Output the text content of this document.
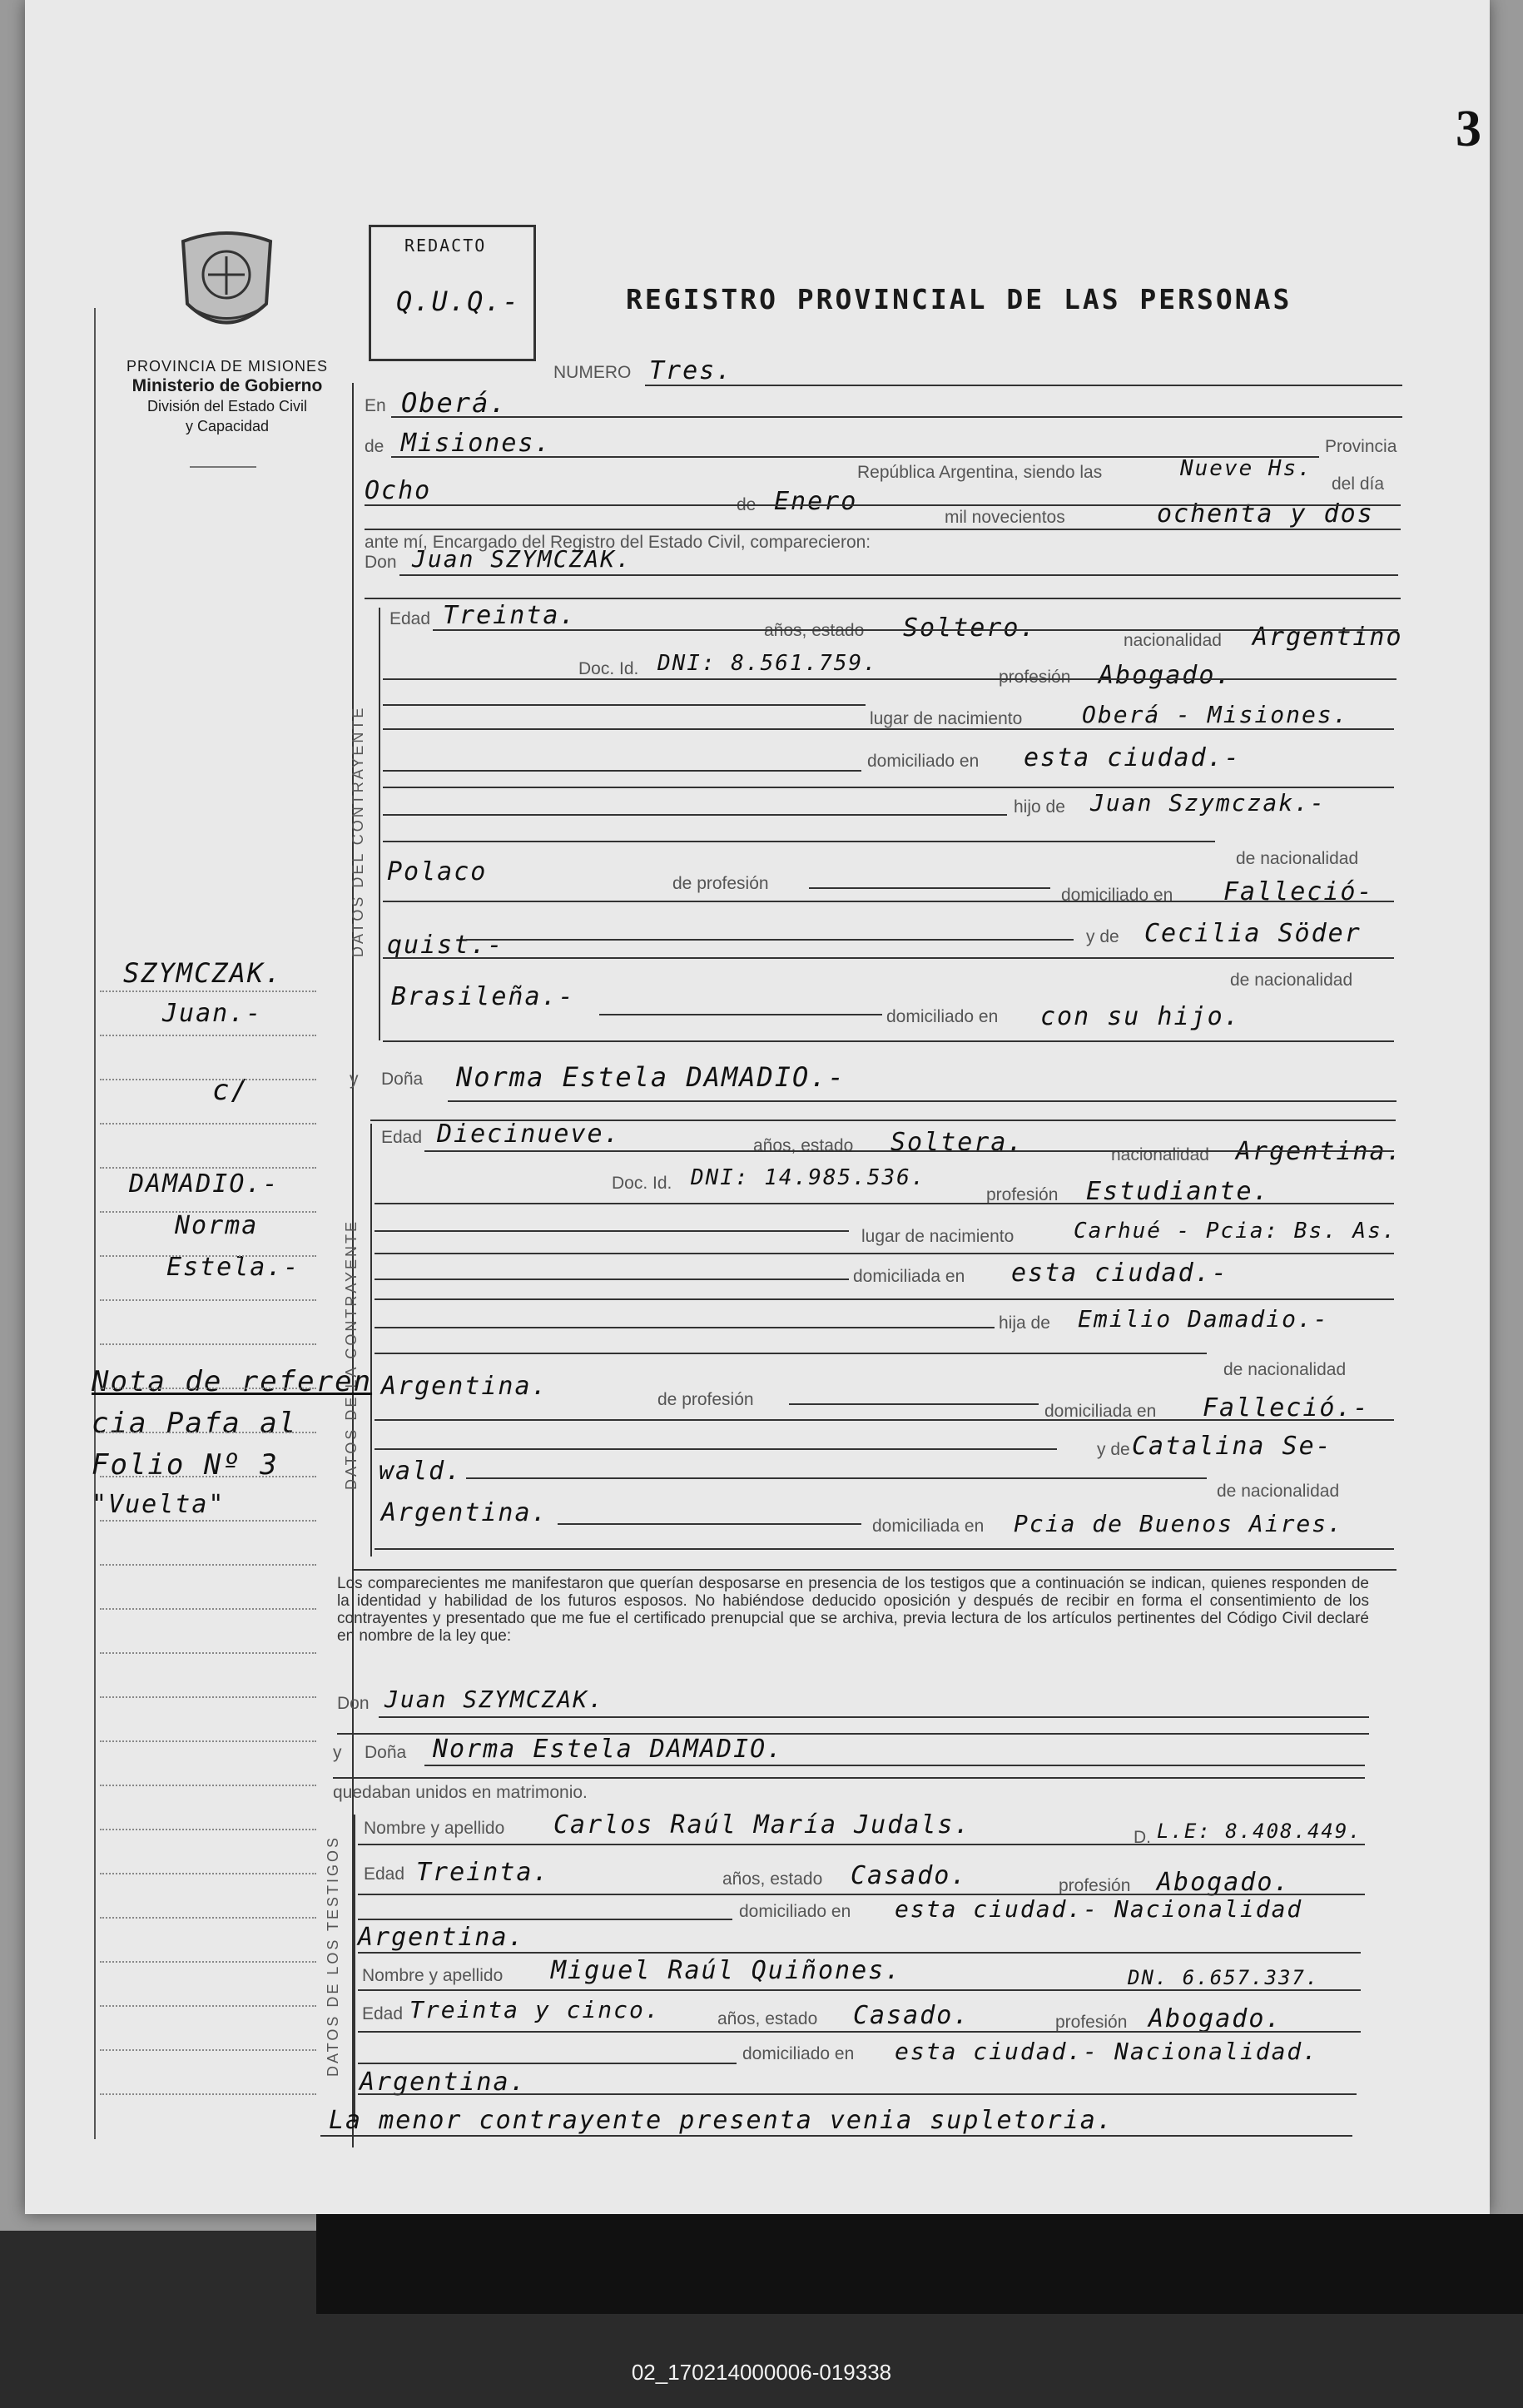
3
PROVINCIA DE MISIONES
Ministerio de Gobierno
División del Estado Civil
y Capacidad
REDACTO
Q.U.Q.-	REGISTRO PROVINCIAL DE LAS PERSONAS
NUMERO Tres.
En Oberá.
de Misiones.	Provincia
República Argentina, siendo las	Nueve Hs.
del día
Ocho	de Enero
mil novecientos	ochenta y dos
ante mí, Encargado del Registro del Estado Civil, comparecieron:
Don Juan SZYMCZAK.
DATOS DEL CONTRAYENTE
Edad Treinta.
años, estado Soltero.	nacionalidad Argentino
Doc. Id. DNI: 8.561.759.
profesión Abogado.
lugar de nacimiento	Oberá - Misiones.
domiciliado en esta ciudad.-
hijo de Juan Szymczak.-
de nacionalidad
Polaco	de profesión
domiciliado en Falleció-
quist.-	y de Cecilia Söder
de nacionalidad
Brasileña.-
domiciliado en con su hijo.
y Doña Norma Estela DAMADIO.-
DATOS DE LA CONTRAYENTE
Edad Diecinueve.	años, estado Soltera.	nacionalidad Argentina.
Doc. Id. DNI: 14.985.536.
profesión Estudiante.
lugar de nacimiento	Carhué - Pcia: Bs. As.
domiciliada en esta ciudad.-
hija de Emilio Damadio.-
de nacionalidad
Argentina.	de profesión
domiciliada en Falleció.-
wald.
y de Catalina Se-
de nacionalidad
Argentina.	domiciliada en Pcia de Buenos Aires.
Los comparecientes me manifestaron que querían desposarse en presencia de los testigos que a continuación se indican, quienes responden de la identidad y habilidad de los futuros esposos. No habiéndose deducido oposición y después de recibir en forma el consentimiento de los contrayentes y presentado que me fue el certificado prenupcial que se archiva, previa lectura de los artículos pertinentes del Código Civil declaré en nombre de la ley que:
Don Juan SZYMCZAK.
y Doña Norma Estela DAMADIO.
quedaban unidos en matrimonio.
DATOS DE LOS TESTIGOS
Nombre y apellido Carlos Raúl María Judals.	D. L.E: 8.408.449.
Edad Treinta.	años, estado Casado.	profesión Abogado.
domiciliado en esta ciudad.- Nacionalidad
Argentina.
Nombre y apellido Miguel Raúl Quiñones.	DN. 6.657.337.
Edad Treinta y cinco.	años, estado Casado.	profesión Abogado.
domiciliado en esta ciudad.- Nacionalidad.
Argentina.
La menor contrayente presenta venia supletoria.
SZYMCZAK.
Juan.-
c/
DAMADIO.-
Norma
Estela.-
Nota de referen
cia Pafa al
Folio Nº 3
"Vuelta"
02_170214000006-019338
